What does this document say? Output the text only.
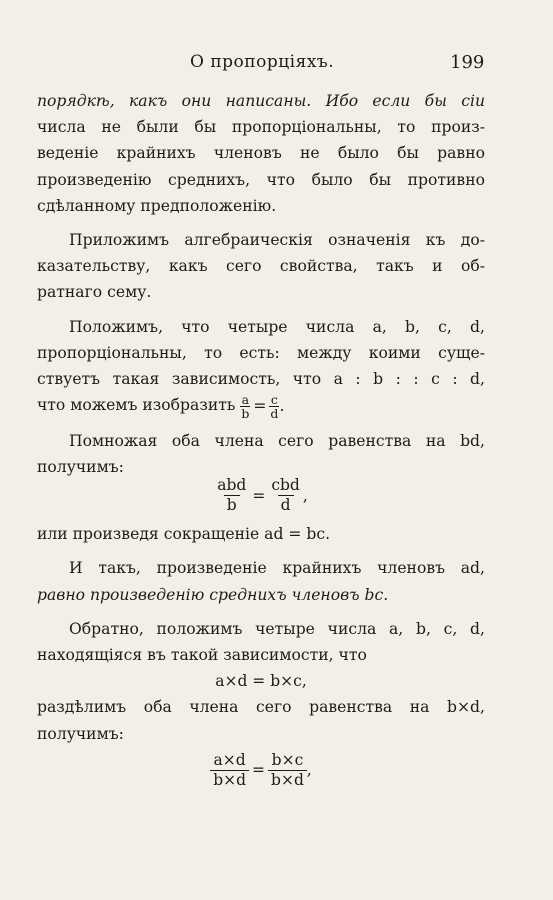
О пропорціяхъ.	199
порядкѣ, какъ они написаны. Ибо если бы сіи
числа не были бы пропорціональны, то произ-
веденіе крайнихъ членовъ не было бы равно
произведенію среднихъ, что было бы противно
сдѣланному предположенію.
Приложимъ алгебраическія означенія къ до-
казательству, какъ сего свойства, такъ и об-
ратнаго сему.
Положимъ, что четыре числа a, b, c, d,
пропорціональны, то есть: между коими суще-
ствуетъ такая зависимость, что a : b : : c : d,
что можемъ изобразить $\frac{a}{b} = \frac{c}{d}$ .
Помножая оба члена сего равенства на bd,
получимъ:
$\frac{\text{abd}}{b} = \frac{\text{cbd}}{d}$ ,
или произведя сокращеніе ad = bc.
И такъ, произведеніе крайнихъ членовъ ad,
равно произведенію среднихъ членовъ bc.
Обратно, положимъ четыре числа a, b, c, d,
находящіяся въ такой зависимости, что
a×d = b×c,
раздѣлимъ оба члена сего равенства на b×d,
получимъ:
$\frac{a\times d}{b\times d} = \frac{b\times c}{b\times d}$ ,
